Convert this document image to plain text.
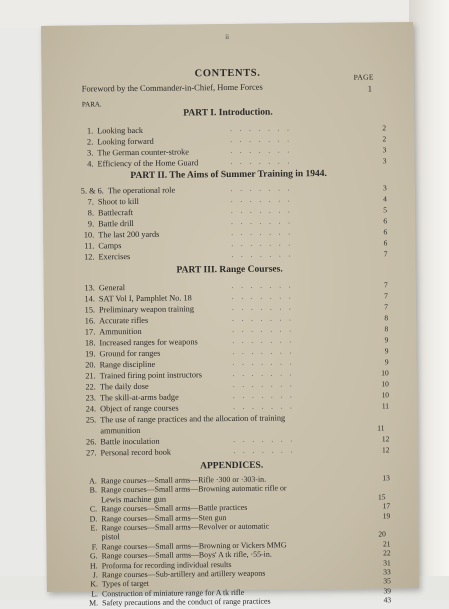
ii
CONTENTS.	PAGE
Foreword by the Commander-in-Chief, Home Forces	1
PARA.
PART I. Introduction.
1. Looking back	. . . . . . .	2
2. Looking forward	. . . . . . .	2
3. The German counter-stroke	. . . . . . .	3
4. Efficiency of the Home Guard	. . . . . . .	3
PART II. The Aims of Summer Training in 1944.
5. & 6. The operational role	. . . . . . .	3
7. Shoot to kill	. . . . . . .	4
8. Battlecraft	. . . . . . .	5
9. Battle drill	. . . . . . .	6
10. The last 200 yards	. . . . . . .	6
11. Camps	. . . . . . .	6
12. Exercises	. . . . . . .	7
PART III. Range Courses.
13. General	. . . . . . .	7
14. SAT Vol I, Pamphlet No. 18	. . . . . . .	7
15. Preliminary weapon training	. . . . . . .	7
16. Accurate rifles	. . . . . . .	8
17. Ammunition	. . . . . . .	8
18. Increased ranges for weapons	. . . . . . .	9
19. Ground for ranges	. . . . . . .	9
20. Range discipline	. . . . . . .	9
21. Trained firing point instructors	. . . . . . .	10
22. The daily dose	. . . . . . .	10
23. The skill-at-arms badge	. . . . . . .	10
24. Object of range courses	. . . . . . .	11
25. The use of range practices and the allocation of training
ammunition	11
26. Battle inoculation	. . . . . . .	12
27. Personal record book	. . . . . . .	12
APPENDICES.
A. Range courses—Small arms—Rifle ·300 or ·303-in.	13
B. Range courses—Small arms—Browning automatic rifle or
Lewis machine gun	15
C. Range courses—Small arms—Battle practices	17
D. Range courses—Small arms—Sten gun	19
E. Range courses—Small arms—Revolver or automatic
pistol	20
F. Range courses—Small arms—Browning or Vickers MMG	21
G. Range courses—Small arms—Boys' A tk rifle, ·55-in.	22
H. Proforma for recording individual results	31
J. Range courses—Sub-artillery and artillery weapons	33
K. Types of target	35
L. Construction of miniature range for A tk rifle	39
M. Safety precautions and the conduct of range practices	43
